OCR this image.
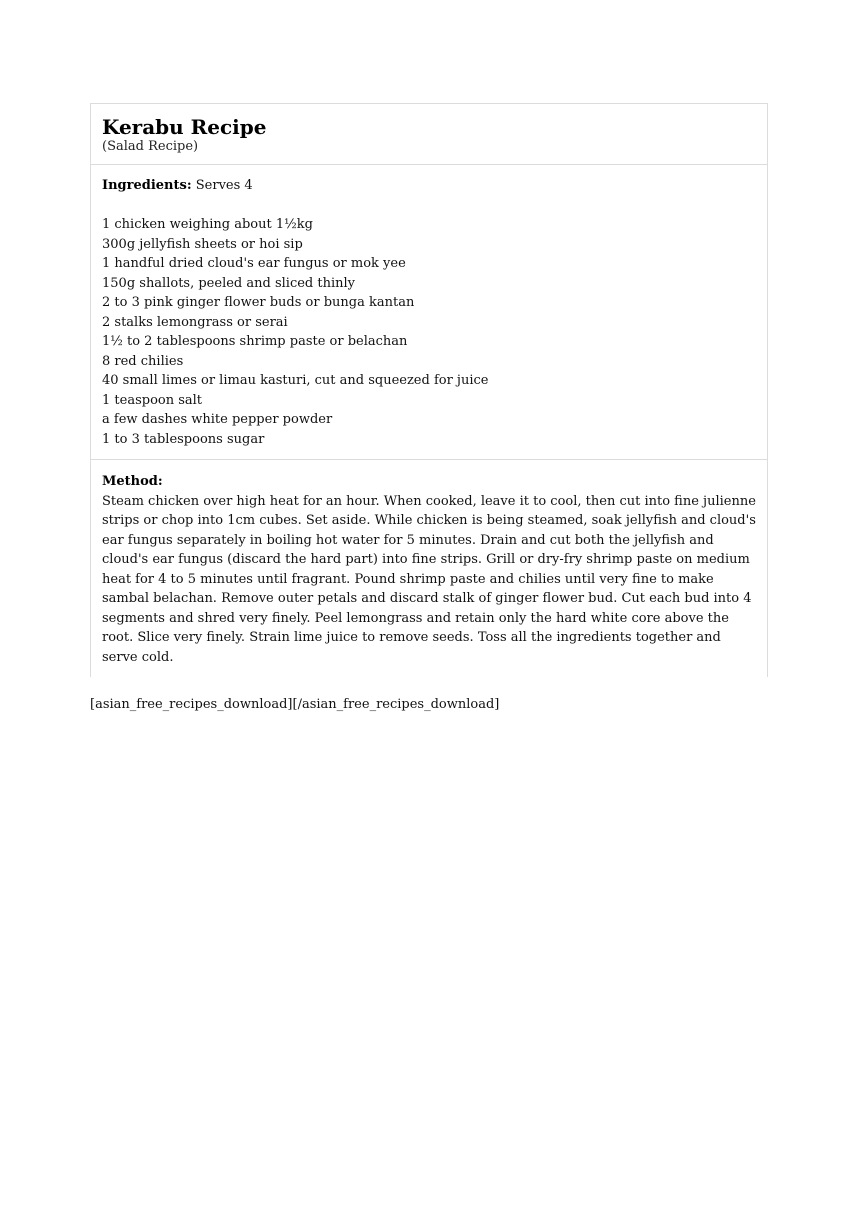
Kerabu Recipe

(Salad Recipe)

Ingredients: Serves 4

1 chicken weighing about 1½kg
300g jellyfish sheets or hoi sip
1 handful dried cloud's ear fungus or mok yee
150g shallots, peeled and sliced thinly
2 to 3 pink ginger flower buds or bunga kantan
2 stalks lemongrass or serai
1½ to 2 tablespoons shrimp paste or belachan
8 red chilies
40 small limes or limau kasturi, cut and squeezed for juice
1 teaspoon salt
a few dashes white pepper powder
1 to 3 tablespoons sugar

Method:

Steam chicken over high heat for an hour. When cooked, leave it to cool, then cut into fine julienne strips or chop into 1cm cubes. Set aside. While chicken is being steamed, soak jellyfish and cloud's ear fungus separately in boiling hot water for 5 minutes. Drain and cut both the jellyfish and cloud's ear fungus (discard the hard part) into fine strips. Grill or dry-fry shrimp paste on medium heat for 4 to 5 minutes until fragrant. Pound shrimp paste and chilies until very fine to make sambal belachan. Remove outer petals and discard stalk of ginger flower bud. Cut each bud into 4 segments and shred very finely. Peel lemongrass and retain only the hard white core above the root. Slice very finely. Strain lime juice to remove seeds. Toss all the ingredients together and serve cold.

[asian_free_recipes_download][/asian_free_recipes_download]
